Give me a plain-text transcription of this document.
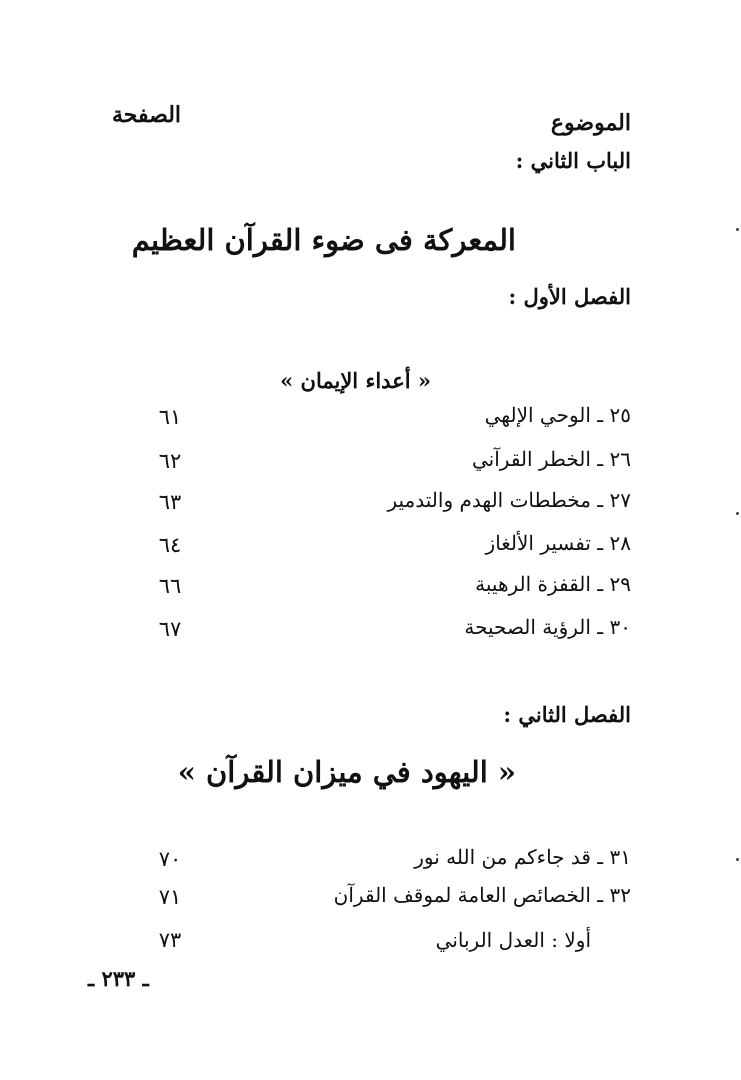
الموضوع
الصفحة
الباب الثاني :
المعركة فى ضوء القرآن العظيم
الفصل الأول :
« أعداء الإيمان »
٢٥ ـ الوحي الإلهي
٦١
٢٦ ـ الخطر القرآني
٦٢
٢٧ ـ مخططات الهدم والتدمير
٦٣
٢٨ ـ تفسير الألغاز
٦٤
٢٩ ـ القفزة الرهيبة
٦٦
٣٠ ـ الرؤية الصحيحة
٦٧
الفصل الثاني :
« اليهود في ميزان القرآن »
٣١ ـ قد جاءكم من الله نور
٧٠
٣٢ ـ الخصائص العامة لموقف القرآن
٧١
أولا : العدل الرباني
٧٣
ـ ٢٣٣ ـ
